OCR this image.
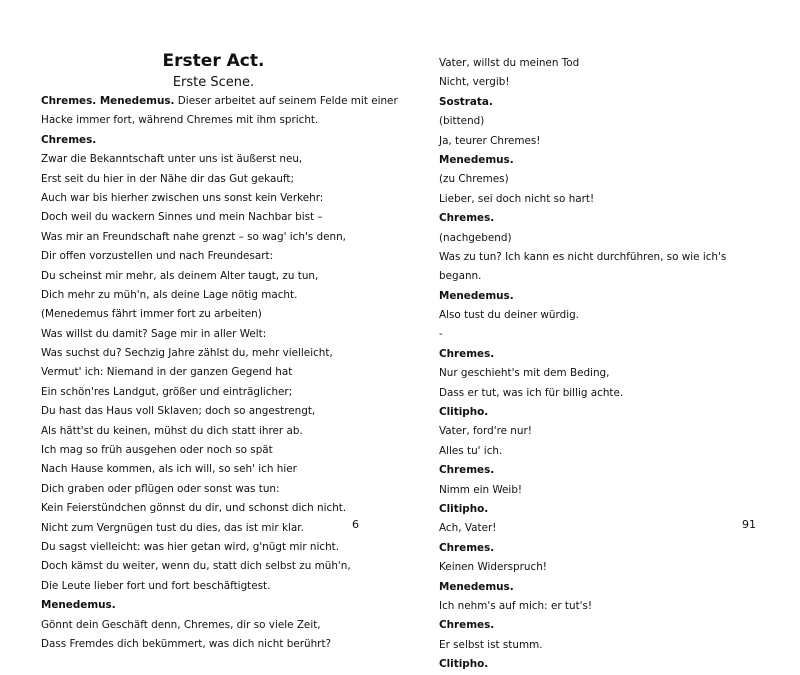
Erster Act.
Erste Scene.
Chremes. Menedemus. Dieser arbeitet auf seinem Felde mit einer
Hacke immer fort, während Chremes mit ihm spricht.
Chremes.
Zwar die Bekanntschaft unter uns ist äußerst neu,
Erst seit du hier in der Nähe dir das Gut gekauft;
Auch war bis hierher zwischen uns sonst kein Verkehr:
Doch weil du wackern Sinnes und mein Nachbar bist –
Was mir an Freundschaft nahe grenzt – so wag' ich's denn,
Dir offen vorzustellen und nach Freundesart:
Du scheinst mir mehr, als deinem Alter taugt, zu tun,
Dich mehr zu müh'n, als deine Lage nötig macht.
(Menedemus fährt immer fort zu arbeiten)
Was willst du damit? Sage mir in aller Welt:
Was suchst du? Sechzig Jahre zählst du, mehr vielleicht,
Vermut' ich: Niemand in der ganzen Gegend hat
Ein schön'res Landgut, größer und einträglicher;
Du hast das Haus voll Sklaven; doch so angestrengt,
Als hätt'st du keinen, mühst du dich statt ihrer ab.
Ich mag so früh ausgehen oder noch so spät
Nach Hause kommen, als ich will, so seh' ich hier
Dich graben oder pflügen oder sonst was tun:
Kein Feierstündchen gönnst du dir, und schonst dich nicht.
Nicht zum Vergnügen tust du dies, das ist mir klar.
Du sagst vielleicht: was hier getan wird, g'nügt mir nicht.
Doch kämst du weiter, wenn du, statt dich selbst zu müh'n,
Die Leute lieber fort und fort beschäftigtest.
Menedemus.
Gönnt dein Geschäft denn, Chremes, dir so viele Zeit,
Dass Fremdes dich bekümmert, was dich nicht berührt?
6
Vater, willst du meinen Tod
Nicht, vergib!
Sostrata.
(bittend)
Ja, teurer Chremes!
Menedemus.
(zu Chremes)
Lieber, sei doch nicht so hart!
Chremes.
(nachgebend)
Was zu tun? Ich kann es nicht durchführen, so wie ich's
begann.
Menedemus.
Also tust du deiner würdig.
-
Chremes.
Nur geschieht's mit dem Beding,
Dass er tut, was ich für billig achte.
Clitipho.
Vater, ford're nur!
Alles tu' ich.
Chremes.
Nimm ein Weib!
Clitipho.
Ach, Vater!
Chremes.
Keinen Widerspruch!
Menedemus.
Ich nehm's auf mich: er tut's!
Chremes.
Er selbst ist stumm.
Clitipho.
91
